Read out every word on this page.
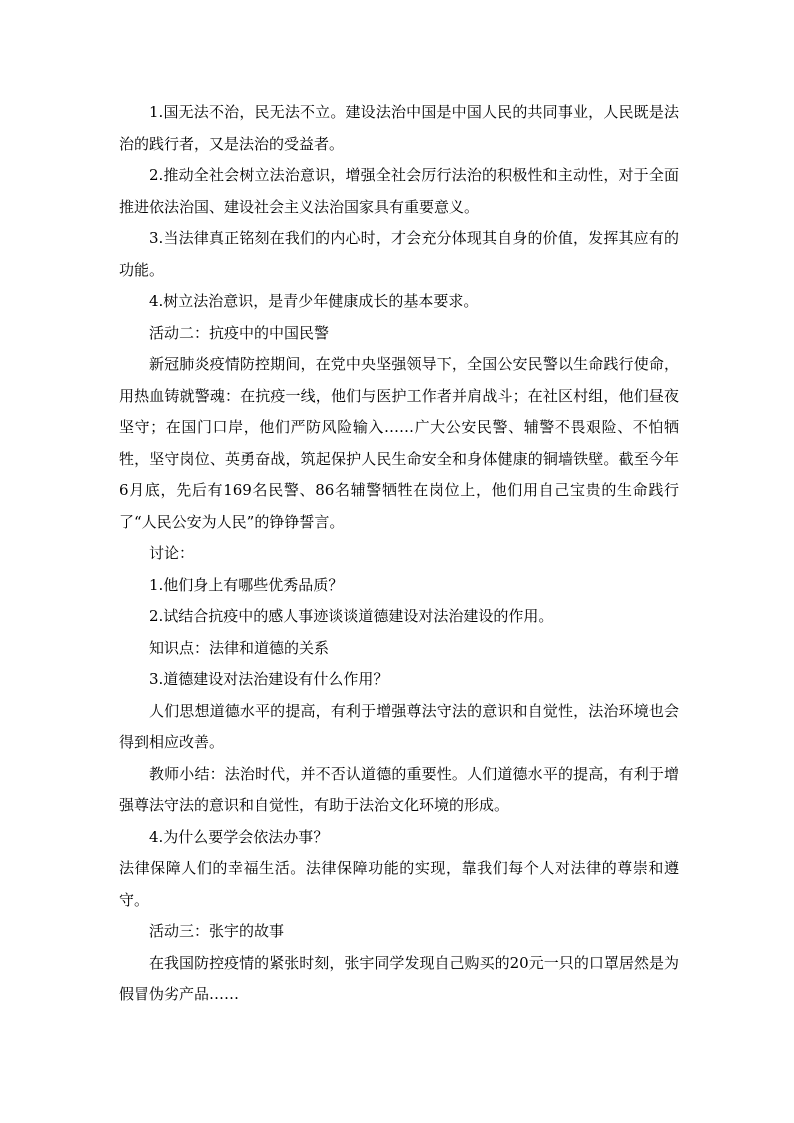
1.国无法不治，民无法不立。建设法治中国是中国人民的共同事业，人民既是法治的践行者，又是法治的受益者。

2.推动全社会树立法治意识，增强全社会厉行法治的积极性和主动性，对于全面推进依法治国、建设社会主义法治国家具有重要意义。

3.当法律真正铭刻在我们的内心时，才会充分体现其自身的价值，发挥其应有的功能。

4.树立法治意识，是青少年健康成长的基本要求。

活动二：抗疫中的中国民警

新冠肺炎疫情防控期间，在党中央坚强领导下，全国公安民警以生命践行使命，用热血铸就警魂：在抗疫一线，他们与医护工作者并肩战斗；在社区村组，他们昼夜坚守；在国门口岸，他们严防风险输入……广大公安民警、辅警不畏艰险、不怕牺牲，坚守岗位、英勇奋战，筑起保护人民生命安全和身体健康的铜墙铁壁。截至今年6月底，先后有169名民警、86名辅警牺牲在岗位上，他们用自己宝贵的生命践行了“人民公安为人民”的铮铮誓言。

讨论：

1.他们身上有哪些优秀品质？

2.试结合抗疫中的感人事迹谈谈道德建设对法治建设的作用。

知识点：法律和道德的关系

3.道德建设对法治建设有什么作用？

人们思想道德水平的提高，有利于增强尊法守法的意识和自觉性，法治环境也会得到相应改善。

教师小结：法治时代，并不否认道德的重要性。人们道德水平的提高，有利于增强尊法守法的意识和自觉性，有助于法治文化环境的形成。

4.为什么要学会依法办事？

法律保障人们的幸福生活。法律保障功能的实现，靠我们每个人对法律的尊崇和遵守。

活动三：张宇的故事

在我国防控疫情的紧张时刻，张宇同学发现自己购买的20元一只的口罩居然是为假冒伪劣产品……
